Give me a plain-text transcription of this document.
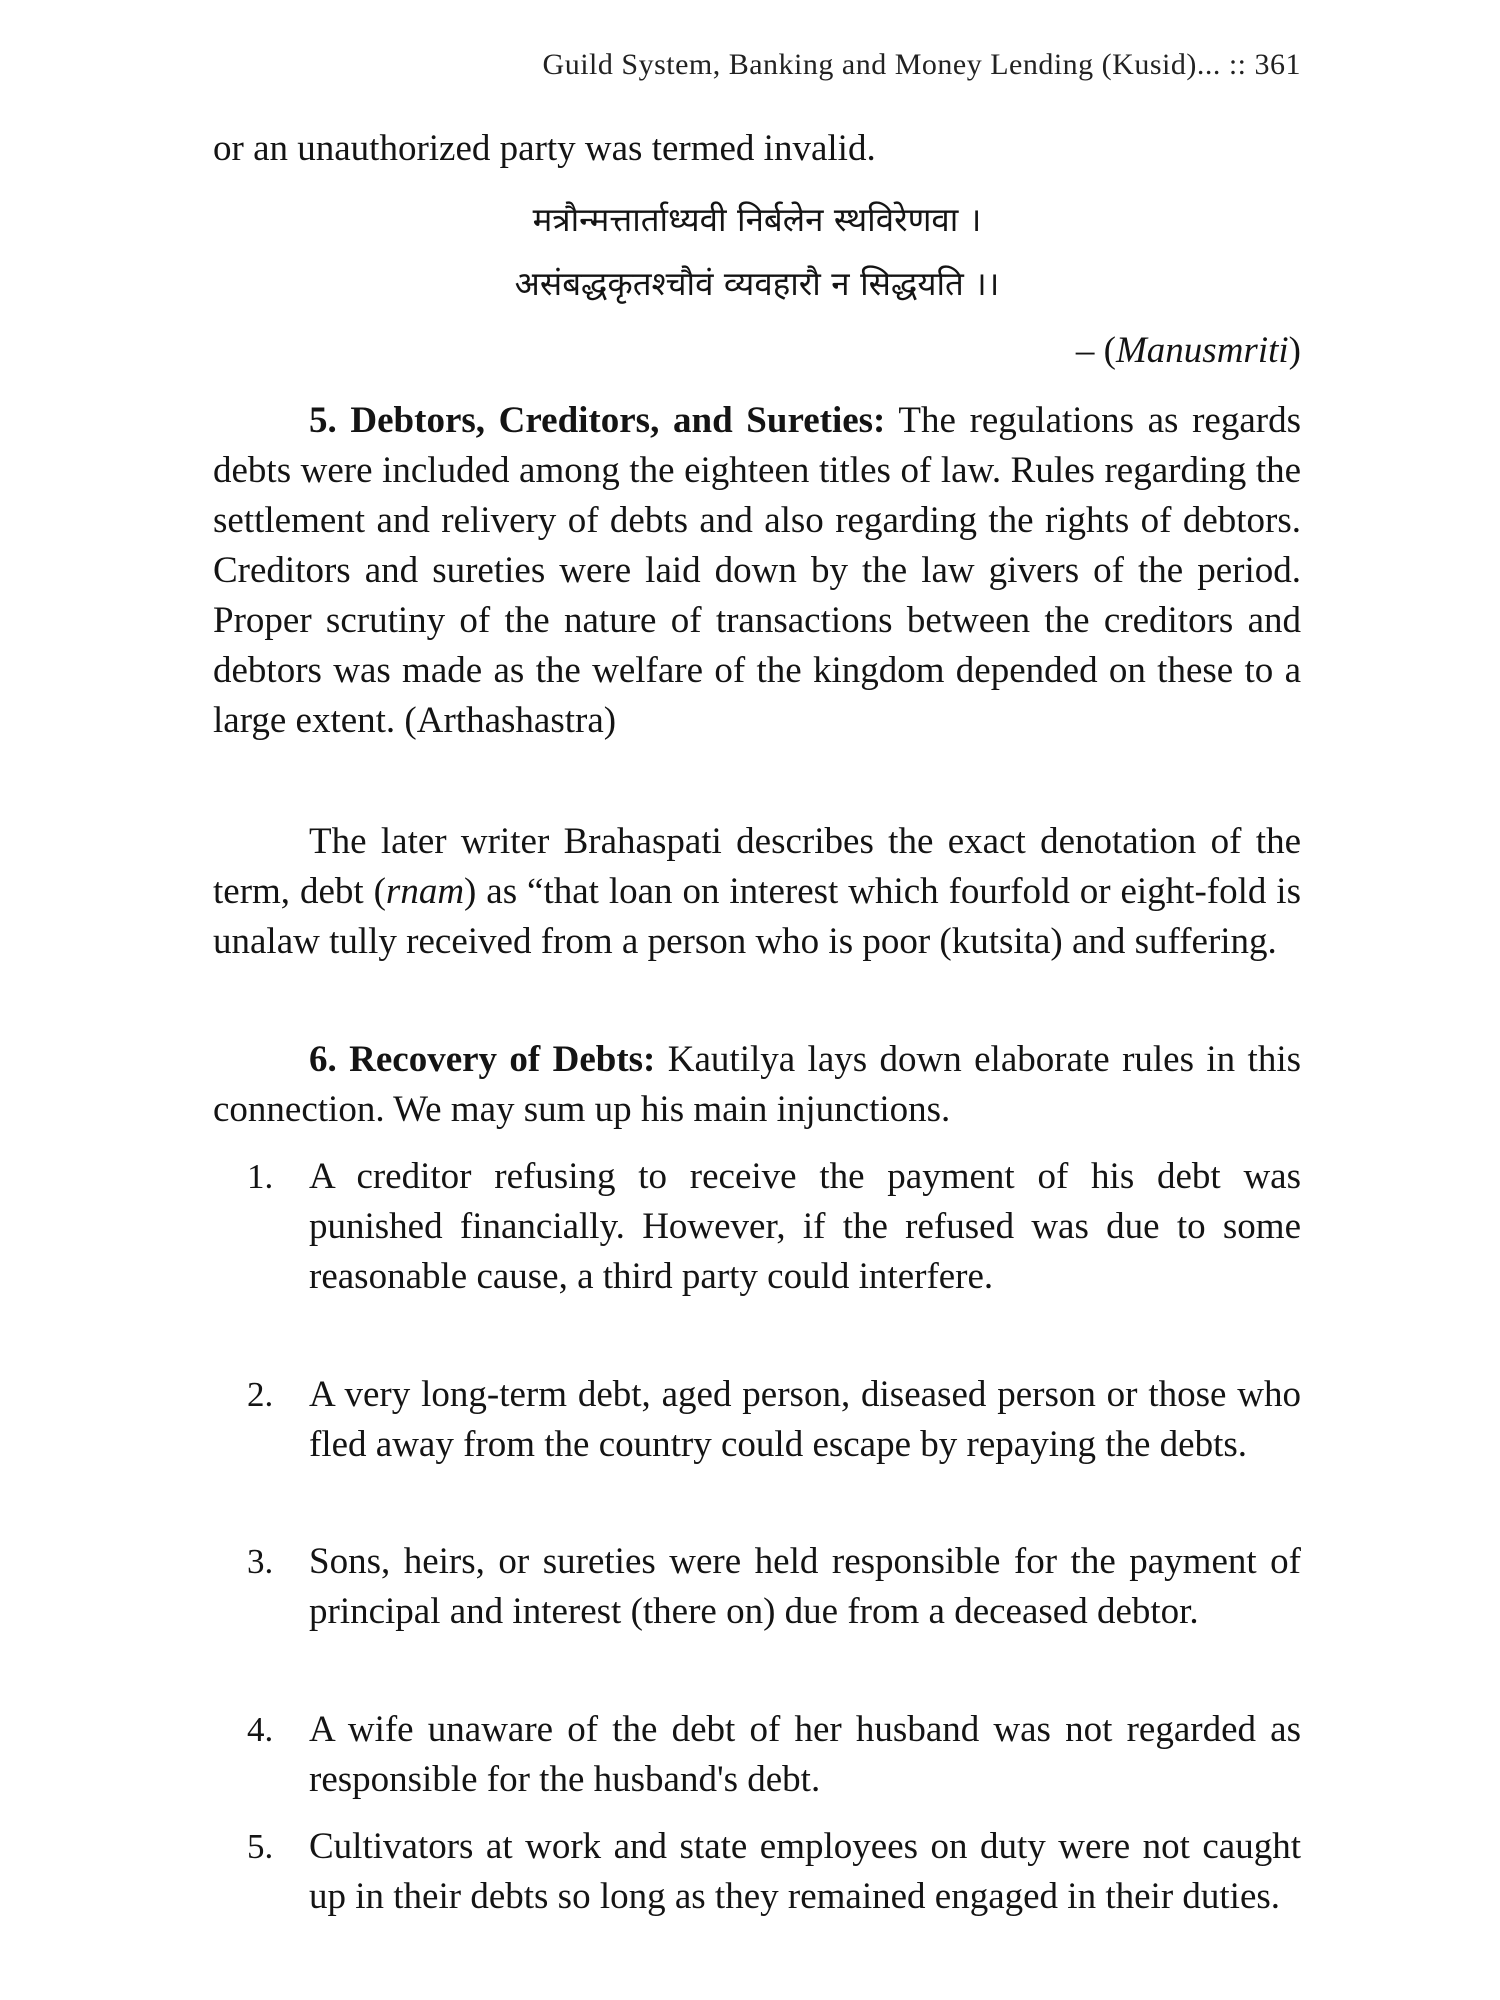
Guild System, Banking and Money Lending (Kusid)... :: 361

or an unauthorized party was termed invalid.

मत्रौन्मत्तार्ताध्यवी निर्बलेन स्थविरेणवा ।
असंबद्धकृतश्चौवं व्यवहारौ न सिद्धयति ।।
– (Manusmriti)

5. Debtors, Creditors, and Sureties: The regulations as regards debts were included among the eighteen titles of law. Rules regarding the settlement and relivery of debts and also regarding the rights of debtors. Creditors and sureties were laid down by the law givers of the period. Proper scrutiny of the nature of transactions between the creditors and debtors was made as the welfare of the kingdom depended on these to a large extent. (Arthashastra)

The later writer Brahaspati describes the exact denotation of the term, debt (rnam) as “that loan on interest which fourfold or eight-fold is unalaw tully received from a person who is poor (kutsita) and suffering.

6. Recovery of Debts: Kautilya lays down elaborate rules in this connection. We may sum up his main injunctions.

1. A creditor refusing to receive the payment of his debt was punished financially. However, if the refused was due to some reasonable cause, a third party could interfere.

2. A very long-term debt, aged person, diseased person or those who fled away from the country could escape by repaying the debts.

3. Sons, heirs, or sureties were held responsible for the payment of principal and interest (there on) due from a deceased debtor.

4. A wife unaware of the debt of her husband was not regarded as responsible for the husband's debt.

5. Cultivators at work and state employees on duty were not caught up in their debts so long as they remained engaged in their duties.
